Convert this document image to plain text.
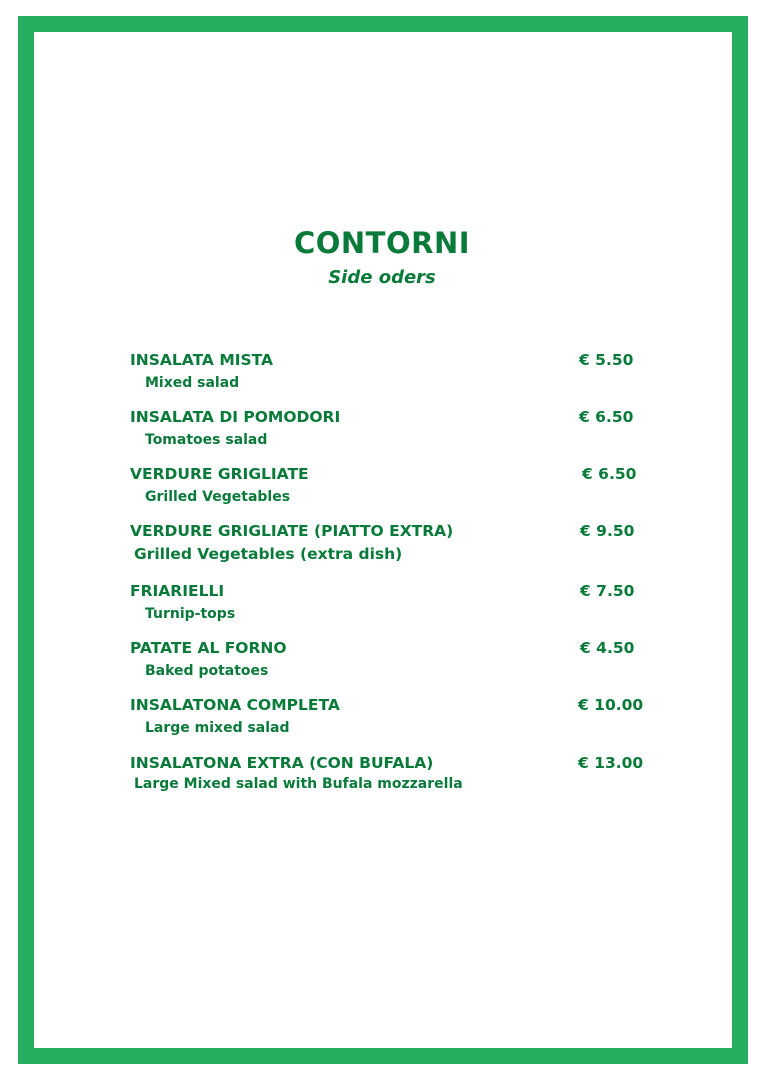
CONTORNI
Side oders
INSALATA MISTA	€ 5.50
Mixed salad
INSALATA DI POMODORI	€ 6.50
Tomatoes salad
VERDURE GRIGLIATE	€ 6.50
Grilled Vegetables
VERDURE GRIGLIATE (PIATTO EXTRA)	€ 9.50
Grilled Vegetables (extra dish)
FRIARIELLI	€ 7.50
Turnip-tops
PATATE AL FORNO	€ 4.50
Baked potatoes
INSALATONA COMPLETA	€ 10.00
Large mixed salad
INSALATONA EXTRA (CON BUFALA)	€ 13.00
Large Mixed salad with Bufala mozzarella
